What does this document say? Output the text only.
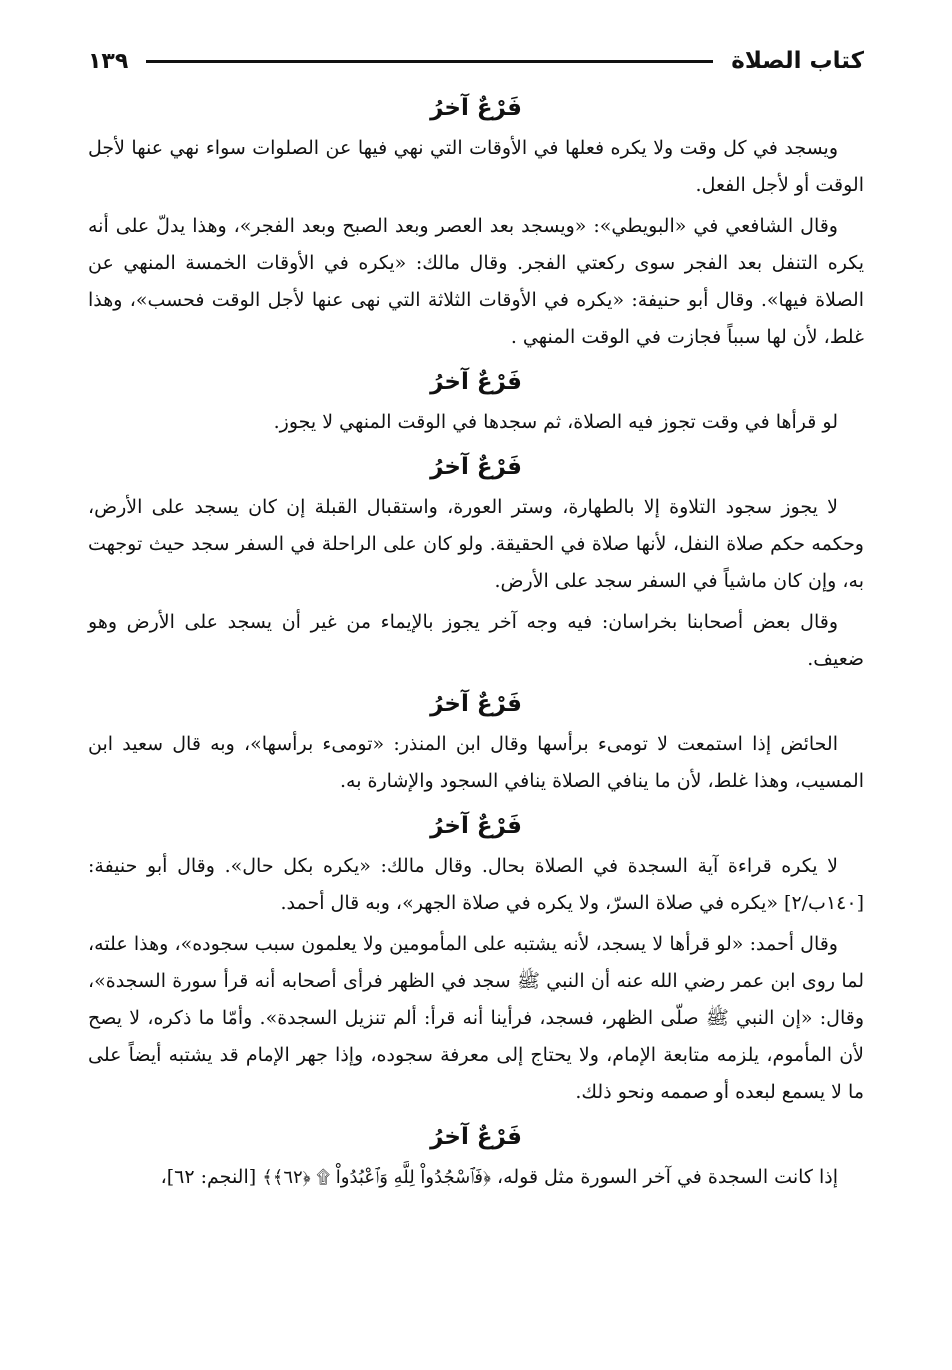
كتاب الصلاة
١٣٩
فَرْعٌ آخرُ

ويسجد في كل وقت ولا يكره فعلها في الأوقات التي نهي فيها عن الصلوات سواء نهي عنها لأجل الوقت أو لأجل الفعل.

وقال الشافعي في «البويطي»: «ويسجد بعد العصر وبعد الصبح وبعد الفجر»، وهذا يدلّ على أنه يكره التنفل بعد الفجر سوى ركعتي الفجر. وقال مالك: «يكره في الأوقات الخمسة المنهي عن الصلاة فيها». وقال أبو حنيفة: «يكره في الأوقات الثلاثة التي نهى عنها لأجل الوقت فحسب»، وهذا غلط، لأن لها سبباً فجازت في الوقت المنهي .

فَرْعٌ آخرُ

لو قرأها في وقت تجوز فيه الصلاة، ثم سجدها في الوقت المنهي لا يجوز.

فَرْعٌ آخرُ

لا يجوز سجود التلاوة إلا بالطهارة، وستر العورة، واستقبال القبلة إن كان يسجد على الأرض، وحكمه حكم صلاة النفل، لأنها صلاة في الحقيقة. ولو كان على الراحلة في السفر سجد حيث توجهت به، وإن كان ماشياً في السفر سجد على الأرض.

وقال بعض أصحابنا بخراسان: فيه وجه آخر يجوز بالإيماء من غير أن يسجد على الأرض وهو ضعيف.

فَرْعٌ آخرُ

الحائض إذا استمعت لا تومىء برأسها وقال ابن المنذر: «تومىء برأسها»، وبه قال سعيد ابن المسيب، وهذا غلط، لأن ما ينافي الصلاة ينافي السجود والإشارة به.

فَرْعٌ آخرُ

لا يكره قراءة آية السجدة في الصلاة بحال. وقال مالك: «يكره بكل حال». وقال أبو حنيفة: [١٤٠ب/٢] «يكره في صلاة السرّ، ولا يكره في صلاة الجهر»، وبه قال أحمد.

وقال أحمد: «لو قرأها لا يسجد، لأنه يشتبه على المأمومين ولا يعلمون سبب سجوده»، وهذا علته، لما روى ابن عمر رضي الله عنه أن النبي ﷺ سجد في الظهر فرأى أصحابه أنه قرأ سورة السجدة»، وقال: «إن النبي ﷺ صلّى الظهر، فسجد، فرأينا أنه قرأ: ألم تنزيل السجدة». وأمّا ما ذكره، لا يصح لأن المأموم، يلزمه متابعة الإمام، ولا يحتاج إلى معرفة سجوده، وإذا جهر الإمام قد يشتبه أيضاً على ما لا يسمع لبعده أو صممه ونحو ذلك.

فَرْعٌ آخرُ

إذا كانت السجدة في آخر السورة مثل قوله، ﴿فَٱسْجُدُواْ لِلَّهِ وَٱعْبُدُواْ ۩ ﴿٦٢﴾﴾ [النجم: ٦٢]،
